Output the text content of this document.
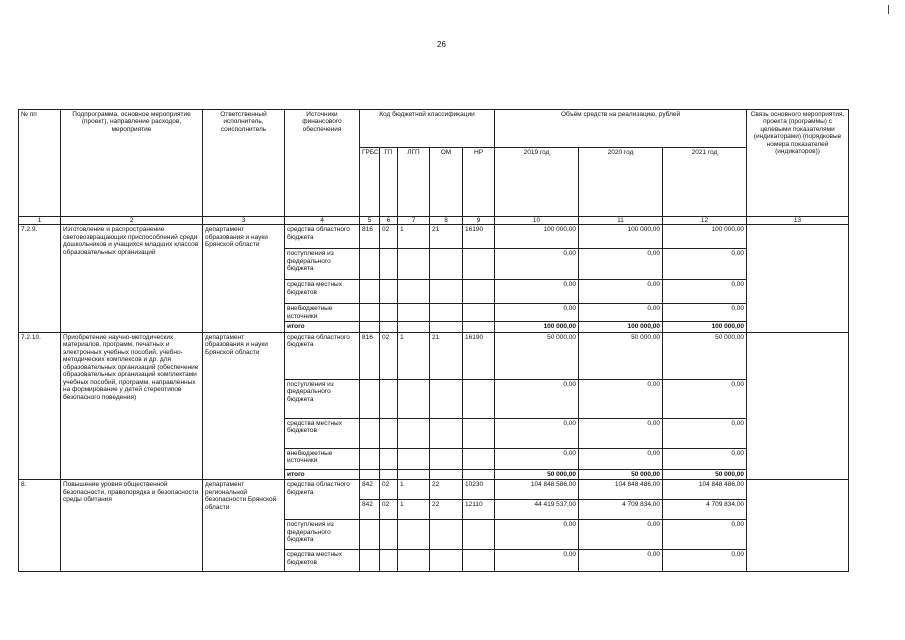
26
№ пп	Подпрограмма, основное мероприятие (проект), направление расходов, мероприятие	Ответственный исполнитель, соисполнитель	Источники финансового обеспечения	Код бюджетной классификации					Объём средств на реализацию, рублей			Связь основного мероприятия, проекта (программы) с целевыми показателями (индикаторами) (порядковые номера показателей (индикаторов))
				ГРБС	ГП	ЛГП	ОМ	НР	2019 год	2020 год	2021 год	
1	2	3	4	5	6	7	8	9	10	11	12	13
7.2.9.	Изготовление и распространение световозвращающих приспособлений среди дошкольников и учащихся младших классов образовательных организаций	департамент образования и науки Брянской области	средства областного бюджета	816	02	1	21	16190	100 000,00	100 000,00	100 000,00	
			поступления из федерального бюджета						0,00	0,00	0,00	
			средства местных бюджетов						0,00	0,00	0,00	
			внебюджетные источники						0,00	0,00	0,00	
			итого						100 000,00	100 000,00	100 000,00	
7.2.10.	Приобретение научно-методических материалов, программ, печатных и электронных учебных пособий, учебно-методических комплексов и др. для образовательных организаций (обеспечение образовательных организаций комплектами учебных пособий, программ, направленных на формирование у детей стереотипов безопасного поведения)	департамент образования и науки Брянской области	средства областного бюджета	816	02	1	21	16190	50 000,00	50 000,00	50 000,00	
			поступления из федерального бюджета						0,00	0,00	0,00	
			средства местных бюджетов						0,00	0,00	0,00	
			внебюджетные источники						0,00	0,00	0,00	
			итого						50 000,00	50 000,00	50 000,00	
8.	Повышение уровня общественной безопасности, правопорядка и безопасности среды обитания	департамент региональной безопасности Брянской области	средства областного бюджета	842	02	1	22	10230	104 848 586,00	104 848 486,00	104 848 486,00	
				842	02	1	22	12110	44 419 537,00	4 709 834,00	4 709 834,00	
			поступления из федерального бюджета						0,00	0,00	0,00	
			средства местных бюджетов						0,00	0,00	0,00	
